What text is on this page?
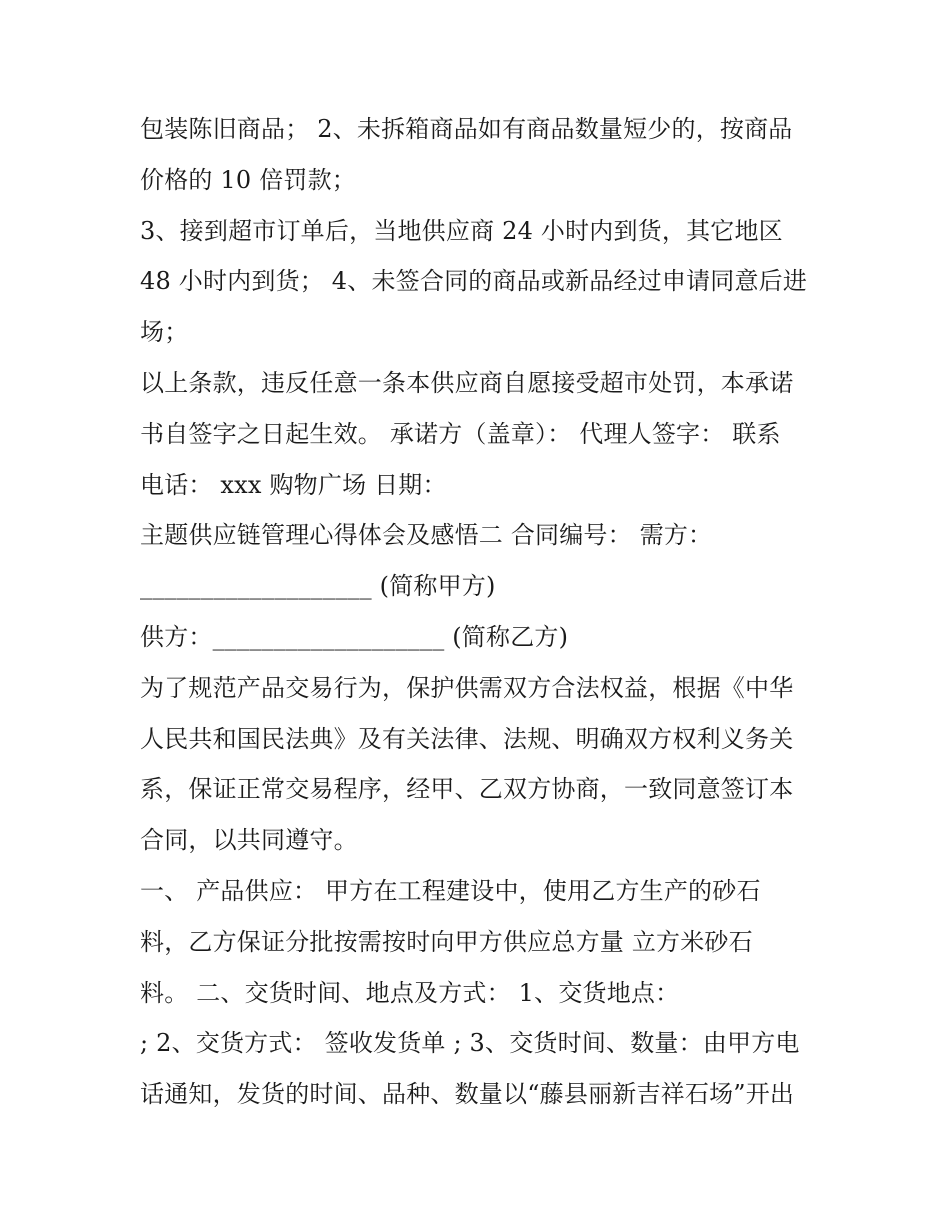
包装陈旧商品； 2、未拆箱商品如有商品数量短少的，按商品
价格的 10 倍罚款；
3、接到超市订单后，当地供应商 24 小时内到货，其它地区
48 小时内到货； 4、未签合同的商品或新品经过申请同意后进
场；
以上条款，违反任意一条本供应商自愿接受超市处罚，本承诺
书自签字之日起生效。 承诺方（盖章）： 代理人签字： 联系
电话： xxx 购物广场 日期：
主题供应链管理心得体会及感悟二 合同编号： 需方：
___________________ (简称甲方)
供方：___________________ (简称乙方)
为了规范产品交易行为，保护供需双方合法权益，根据《中华
人民共和国民法典》及有关法律、法规、明确双方权利义务关
系，保证正常交易程序，经甲、乙双方协商，一致同意签订本
合同，以共同遵守。
一、 产品供应： 甲方在工程建设中，使用乙方生产的砂石
料，乙方保证分批按需按时向甲方供应总方量 立方米砂石
料。 二、交货时间、地点及方式： 1、交货地点：
; 2、交货方式： 签收发货单 ; 3、交货时间、数量：由甲方电
话通知，发货的时间、品种、数量以“藤县丽新吉祥石场”开出
